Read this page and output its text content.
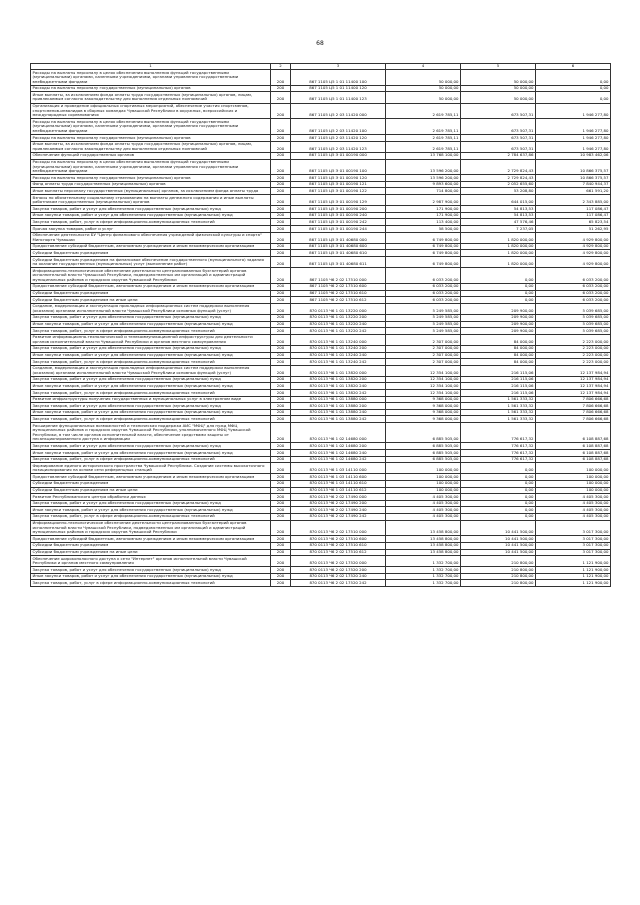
68
1	2	3	4	5	6
Расходы на выплаты персоналу в целях обеспечения выполнения функций государственными (муниципальными) органами, казенными учреждениями, органами управления государственными внебюджетными фондами	200	867 1105 Ц5 1 01 11400 100	50 000,00	50 000,00	0,00
Расходы на выплаты персоналу государственных (муниципальных) органов	200	867 1105 Ц5 1 01 11400 120	50 000,00	50 000,00	0,00
Иные выплаты, за исключением фонда оплаты труда государственных (муниципальных) органов, лицам, привлекаемым согласно законодательству для выполнения отдельных полномочий	200	867 1105 Ц5 1 01 11400 123	50 000,00	50 000,00	0,00
Организация и проведение официальных спортивных мероприятий, обеспечение участия спортсменов, спортсменов-инвалидов в сборных командах Чувашской Республики в окружных, всероссийских и международных соревнованиях	200	867 1105 Ц5 2 03 11420 000	2 619 785,11	673 507,31	1 946 277,80
Расходы на выплаты персоналу в целях обеспечения выполнения функций государственными (муниципальными) органами, казенными учреждениями, органами управления государственными внебюджетными фондами	200	867 1105 Ц5 2 03 11420 100	2 619 785,11	673 507,31	1 946 277,80
Расходы на выплаты персоналу государственных (муниципальных) органов	200	867 1105 Ц5 2 03 11420 120	2 619 785,11	673 507,31	1 946 277,80
Иные выплаты, за исключением фонда оплаты труда государственных (муниципальных) органов, лицам, привлекаемым согласно законодательству для выполнения отдельных полномочий	200	867 1105 Ц5 2 03 11420 123	2 619 785,11	673 507,31	1 946 277,80
Обеспечение функций государственных органов	200	867 1105 Ц5 Э 01 00190 000	13 768 100,00	2 784 637,86	10 983 462,06
Расходы на выплаты персоналу в целях обеспечения выполнения функций государственными (муниципальными) органами, казенными учреждениями, органами управления государственными внебюджетными фондами	200	867 1105 Ц5 Э 01 00190 100	13 596 200,00	2 729 824,43	10 866 375,57
Расходы на выплаты персоналу государственных (муниципальных) органов	200	867 1105 Ц5 Э 01 00190 120	13 596 200,00	2 729 824,43	10 866 375,57
Фонд оплаты труда государственных (муниципальных) органов	200	867 1105 Ц5 Э 01 00190 121	9 893 600,00	2 052 655,60	7 840 944,37
Иные выплаты персоналу государственных (муниципальных) органов, за исключением фонда оплаты труда	200	867 1105 Ц5 Э 01 00190 122	714 800,00	53 208,80	661 591,20
Взносы по обязательному социальному страхованию на выплаты денежного содержания и иные выплаты работникам государственных (муниципальных) органов	200	867 1105 Ц5 Э 01 00190 129	2 987 900,00	644 015,00	2 343 885,00
Закупка товаров, работ и услуг для обеспечения государственных (муниципальных) нужд	200	867 1105 Ц5 Э 01 00190 200	171 900,00	54 813,53	117 086,47
Иные закупки товаров, работ и услуг для обеспечения государственных (муниципальных) нужд	200	867 1105 Ц5 Э 01 00190 240	171 900,00	54 813,53	117 086,47
Закупка товаров, работ, услуг в сфере информационно-коммуникационных технологий	200	867 1105 Ц5 Э 01 00190 242	113 400,00	47 576,46	65 823,54
Прочая закупка товаров, работ и услуг	200	867 1105 Ц5 Э 01 00190 244	58 500,00	7 237,05	51 262,95
Обеспечение деятельности БУ "Центр финансового обеспечения учреждений физической культуры и спорта" Минспорта Чувашии	200	867 1105 Ц5 Э 01 40680 000	6 749 800,00	1 820 000,00	4 929 800,00
Предоставление субсидий бюджетным, автономным учреждениям и иным некоммерческим организациям	200	867 1105 Ц5 Э 01 40680 600	6 749 800,00	1 820 000,00	4 929 800,00
Субсидии бюджетным учреждениям	200	867 1105 Ц5 Э 01 40680 610	6 749 800,00	1 820 000,00	4 929 800,00
Субсидии бюджетным учреждениям на финансовое обеспечение государственного (муниципального) задания на оказание государственных (муниципальных) услуг (выполнение работ)	200	867 1105 Ц5 Э 01 40680 611	6 749 800,00	1 820 000,00	4 929 800,00
Информационно-технологическое обеспечение деятельности централизованных бухгалтерий органов исполнительной власти Чувашской Республики, подведомственных им организаций и администраций муниципальных районов и городских округов Чувашской Республики	200	867 1105 Ч6 2 02 17510 000	6 033 200,00	0,00	6 033 200,00
Предоставление субсидий бюджетным, автономным учреждениям и иным некоммерческим организациям	200	867 1105 Ч6 2 02 17510 600	6 033 200,00	0,00	6 033 200,00
Субсидии бюджетным учреждениям	200	867 1105 Ч6 2 02 17510 610	6 033 200,00	0,00	6 033 200,00
Субсидии бюджетным учреждениям на иные цели	200	867 1105 Ч6 2 02 17510 612	6 033 200,00	0,00	6 033 200,00
Создание, модернизация и эксплуатация прикладных информационных систем поддержки выполнения (оказания) органами исполнительной власти Чувашской Республики основных функций (услуг)	200	870 0113 Ч6 1 01 13220 000	5 249 585,00	209 900,00	5 039 685,00
Закупка товаров, работ и услуг для обеспечения государственных (муниципальных) нужд	200	870 0113 Ч6 1 01 13220 200	5 249 585,00	209 900,00	5 039 685,00
Иные закупки товаров, работ и услуг для обеспечения государственных (муниципальных) нужд	200	870 0113 Ч6 1 01 13220 240	5 249 585,00	209 900,00	5 039 685,00
Закупка товаров, работ, услуг в сфере информационно-коммуникационных технологий	200	870 0113 Ч6 1 01 13220 242	5 249 585,00	209 900,00	5 039 685,00
Развитие информационно-технологической и телекоммуникационной инфраструктуры для деятельности органов исполнительной власти Чувашской Республики и органов местного самоуправления	200	870 0113 Ч6 1 01 13240 000	2 307 000,00	84 000,00	2 223 000,00
Закупка товаров, работ и услуг для обеспечения государственных (муниципальных) нужд	200	870 0113 Ч6 1 01 13240 200	2 307 000,00	84 000,00	2 223 000,00
Иные закупки товаров, работ и услуг для обеспечения государственных (муниципальных) нужд	200	870 0113 Ч6 1 01 13240 240	2 307 000,00	84 000,00	2 223 000,00
Закупка товаров, работ, услуг в сфере информационно-коммуникационных технологий	200	870 0113 Ч6 1 01 13240 242	2 307 000,00	84 000,00	2 223 000,00
Создание, модернизация и эксплуатация прикладных информационных систем поддержки выполнения (оказания) органами исполнительной власти Чувашской Республики основных функций (услуг)	200	870 0113 Ч6 1 01 13820 000	12 354 100,00	216 115,06	12 137 984,94
Закупка товаров, работ и услуг для обеспечения государственных (муниципальных) нужд	200	870 0113 Ч6 1 01 13820 200	12 354 100,00	216 115,06	12 137 984,94
Иные закупки товаров, работ и услуг для обеспечения государственных (муниципальных) нужд	200	870 0113 Ч6 1 01 13820 240	12 354 100,00	216 115,06	12 137 984,94
Закупка товаров, работ, услуг в сфере информационно-коммуникационных технологий	200	870 0113 Ч6 1 01 13820 242	12 354 100,00	216 115,06	12 137 984,94
Развитие инфраструктуры получения государственных и муниципальных услуг в электронном виде	200	870 0113 Ч6 1 01 13880 000	9 368 000,00	1 561 333,32	7 806 666,68
Закупка товаров, работ и услуг для обеспечения государственных (муниципальных) нужд	200	870 0113 Ч6 1 01 13880 200	9 368 000,00	1 561 333,32	7 806 666,68
Иные закупки товаров, работ и услуг для обеспечения государственных (муниципальных) нужд	200	870 0113 Ч6 1 01 13880 240	9 368 000,00	1 561 333,32	7 806 666,68
Закупка товаров, работ, услуг в сфере информационно-коммуникационных технологий	200	870 0113 Ч6 1 01 13880 242	9 368 000,00	1 561 333,32	7 806 666,68
Расширение функциональных возможностей и техническая поддержка АИС "МФЦ" для нужд МФЦ муниципальных районов и городских округов Чувашской Республики, уполномоченного МФЦ Чувашской Республики, в том числе органов исполнительной власти, обеспечение средствами защиты от несанкционированного доступа к информации	200	870 0113 Ч6 1 02 14680 000	6 885 505,00	776 617,32	6 108 887,68
Закупка товаров, работ и услуг для обеспечения государственных (муниципальных) нужд	200	870 0113 Ч6 1 02 14680 200	6 885 505,00	776 617,32	6 108 887,68
Иные закупки товаров, работ и услуг для обеспечения государственных (муниципальных) нужд	200	870 0113 Ч6 1 02 14680 240	6 885 505,00	776 617,32	6 108 887,68
Закупка товаров, работ, услуг в сфере информационно-коммуникационных технологий	200	870 0113 Ч6 1 02 14680 242	6 885 505,00	776 617,32	6 108 887,68
Формирование единого исторического пространства Чувашской Республики. Создание системы высокоточного позиционирования на основе сети референцных станций	200	870 0113 Ч6 1 03 14110 000	100 000,00	0,00	100 000,00
Предоставление субсидий бюджетным, автономным учреждениям и иным некоммерческим организациям	200	870 0113 Ч6 1 03 14110 600	100 000,00	0,00	100 000,00
Субсидии бюджетным учреждениям	200	870 0113 Ч6 1 03 14110 610	100 000,00	0,00	100 000,00
Субсидии бюджетным учреждениям на иные цели	200	870 0113 Ч6 1 03 14110 612	100 000,00	0,00	100 000,00
Развитие Республиканского центра обработки данных	200	870 0113 Ч6 2 02 17490 000	4 405 300,00	0,00	4 405 300,00
Закупка товаров, работ и услуг для обеспечения государственных (муниципальных) нужд	200	870 0113 Ч6 2 02 17490 200	4 405 300,00	0,00	4 405 300,00
Иные закупки товаров, работ и услуг для обеспечения государственных (муниципальных) нужд	200	870 0113 Ч6 2 02 17490 240	4 405 300,00	0,00	4 405 300,00
Закупка товаров, работ, услуг в сфере информационно-коммуникационных технологий	200	870 0113 Ч6 2 02 17490 242	4 405 300,00	0,00	4 405 300,00
Информационно-технологическое обеспечение деятельности централизованных бухгалтерий органов исполнительной власти Чувашской Республики, подведомственных им организаций и администраций муниципальных районов и городских округов Чувашской Республики	200	870 0113 Ч6 2 02 17510 000	13 458 800,00	10 441 500,00	3 017 300,00
Предоставление субсидий бюджетным, автономным учреждениям и иным некоммерческим организациям	200	870 0113 Ч6 2 02 17510 600	13 458 800,00	10 441 500,00	3 017 300,00
Субсидии бюджетным учреждениям	200	870 0113 Ч6 2 02 17510 610	13 458 800,00	10 441 500,00	3 017 300,00
Субсидии бюджетным учреждениям на иные цели	200	870 0113 Ч6 2 02 17510 612	13 458 800,00	10 441 500,00	3 017 300,00
Обеспечение широкополосного доступа к сети "Интернет" органов исполнительной власти Чувашской Республики и органов местного самоуправления	200	870 0113 Ч6 2 02 17520 000	1 332 700,00	210 800,00	1 121 900,00
Закупка товаров, работ и услуг для обеспечения государственных (муниципальных) нужд	200	870 0113 Ч6 2 02 17520 200	1 332 700,00	210 800,00	1 121 900,00
Иные закупки товаров, работ и услуг для обеспечения государственных (муниципальных) нужд	200	870 0113 Ч6 2 02 17520 240	1 332 700,00	210 800,00	1 121 900,00
Закупка товаров, работ, услуг в сфере информационно-коммуникационных технологий	200	870 0113 Ч6 2 02 17520 242	1 332 700,00	210 800,00	1 121 900,00
